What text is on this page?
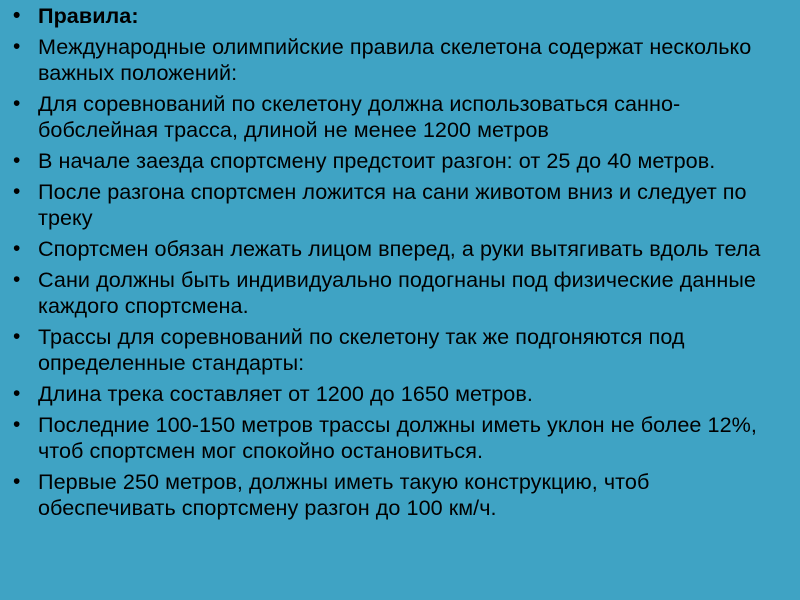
• Правила:
• Международные олимпийские правила скелетона содержат несколько важных положений:
• Для соревнований по скелетону должна использоваться санно-бобслейная трасса, длиной не менее 1200 метров
• В начале заезда спортсмену предстоит разгон: от 25 до 40 метров.
• После разгона спортсмен ложится на сани животом вниз и следует по треку
• Спортсмен обязан лежать лицом вперед, а руки вытягивать вдоль тела
• Сани должны быть индивидуально подогнаны под физические данные каждого спортсмена.
• Трассы для соревнований по скелетону так же подгоняются под определенные стандарты:
• Длина трека составляет от 1200 до 1650 метров.
• Последние 100-150 метров трассы должны иметь уклон не более 12%, чтоб спортсмен мог спокойно остановиться.
• Первые 250 метров, должны иметь такую конструкцию, чтоб обеспечивать спортсмену разгон до 100 км/ч.
